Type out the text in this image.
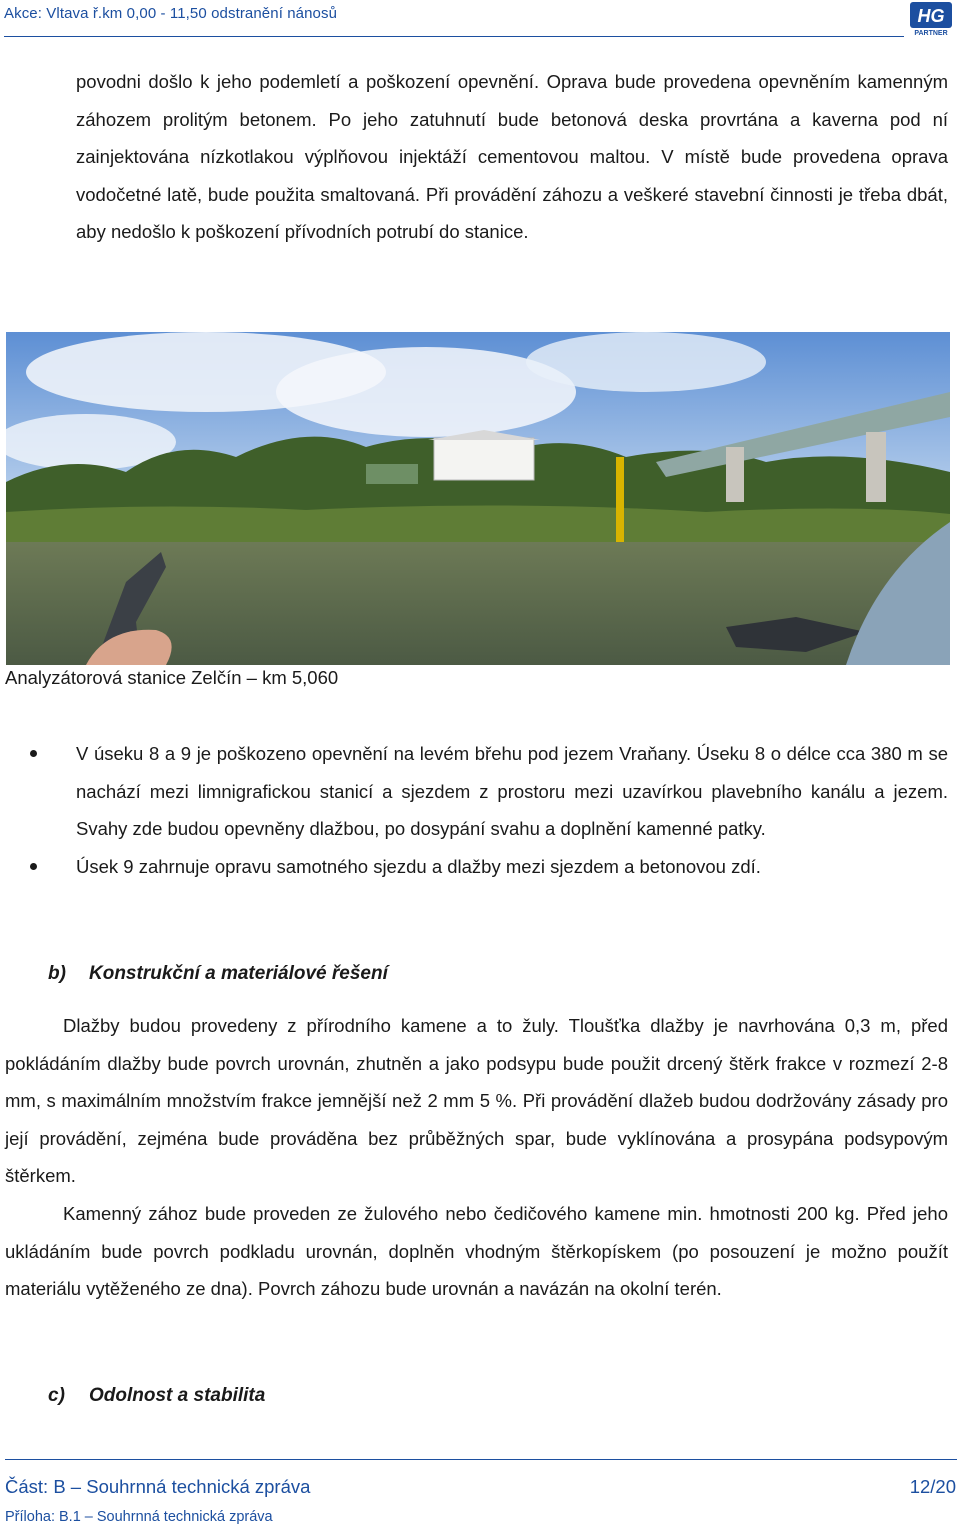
Akce: Vltava ř.km 0,00 - 11,50 odstranění nánosů	HG
PARTNER
povodni došlo k jeho podemletí a poškození opevnění. Oprava bude provedena opevněním kamenným záhozem prolitým betonem. Po jeho zatuhnutí bude betonová deska provrtána a kaverna pod ní zainjektována nízkotlakou výplňovou injektáží cementovou maltou. V místě bude provedena oprava vodočetné latě, bude použita smaltovaná. Při provádění záhozu a veškeré stavební činnosti je třeba dbát, aby nedošlo k poškození přívodních potrubí do stanice.
Analyzátorová stanice Zelčín – km 5,060
V úseku 8 a 9 je poškozeno opevnění na levém břehu pod jezem Vraňany. Úseku 8 o délce cca 380 m se nachází mezi limnigrafickou stanicí a sjezdem z prostoru mezi uzavírkou plavebního kanálu a jezem. Svahy zde budou opevněny dlažbou, po dosypání svahu a doplnění kamenné patky.
Úsek 9 zahrnuje opravu samotného sjezdu a dlažby mezi sjezdem a betonovou zdí.
b) Konstrukční a materiálové řešení
Dlažby budou provedeny z přírodního kamene a to žuly. Tloušťka dlažby je navrhována 0,3 m, před pokládáním dlažby bude povrch urovnán, zhutněn a jako podsypu bude použit drcený štěrk frakce v rozmezí 2-8 mm, s maximálním množstvím frakce jemnější než 2 mm 5 %. Při provádění dlažeb budou dodržovány zásady pro její provádění, zejména bude prováděna bez průběžných spar, bude vyklínována a prosypána podsypovým štěrkem.
Kamenný zához bude proveden ze žulového nebo čedičového kamene min. hmotnosti 200 kg. Před jeho ukládáním bude povrch podkladu urovnán, doplněn vhodným štěrkopískem (po posouzení je možno použít materiálu vytěženého ze dna). Povrch záhozu bude urovnán a navázán na okolní terén.
c) Odolnost a stabilita
Část: B – Souhrnná technická zpráva	12/20
Příloha: B.1 – Souhrnná technická zpráva
